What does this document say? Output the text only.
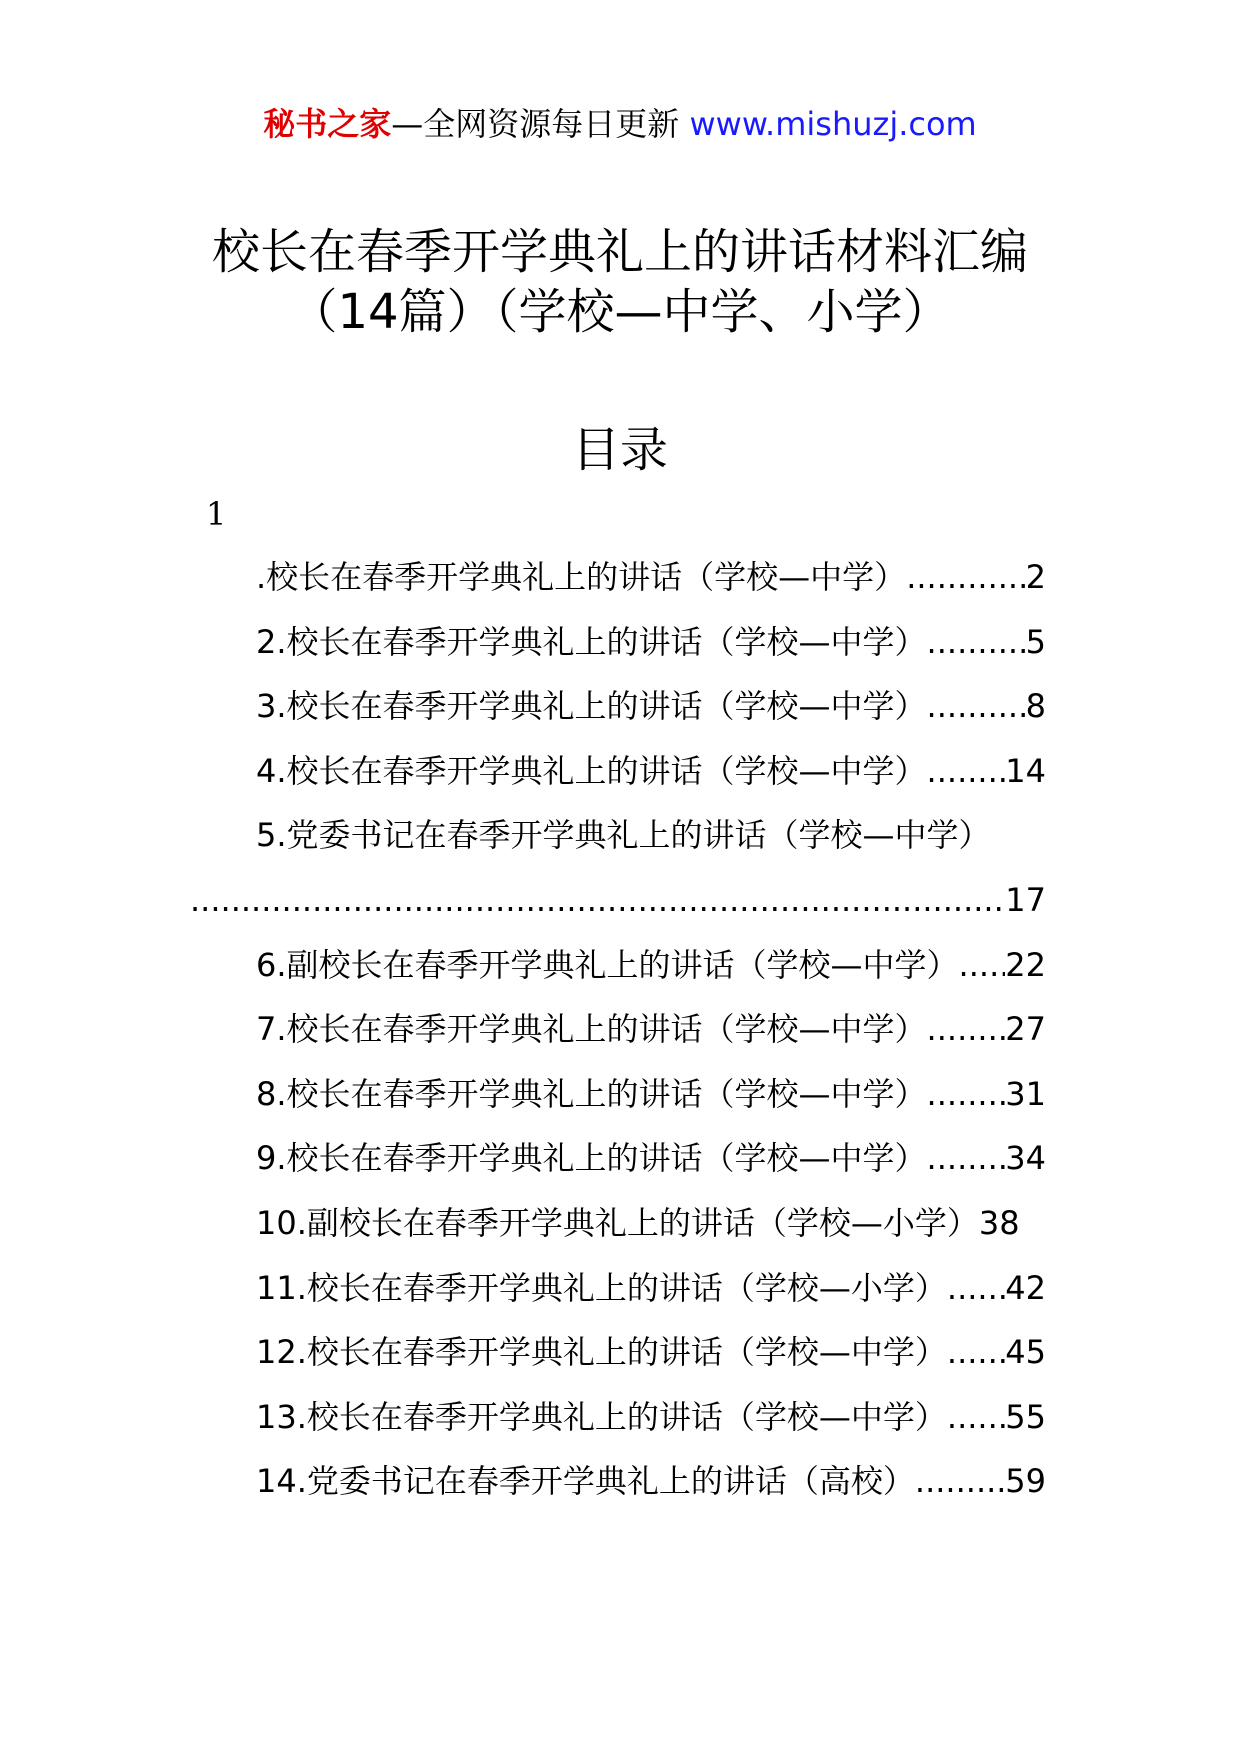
秘书之家—全网资源每日更新 www.mishuzj.com
校长在春季开学典礼上的讲话材料汇编
（14篇）（学校—中学、小学）
目录
1
.校长在春季开学典礼上的讲话（学校—中学） .....	2
2.校长在春季开学典礼上的讲话（学校—中学） .....	5
3.校长在春季开学典礼上的讲话（学校—中学） .....	8
4.校长在春季开学典礼上的讲话（学校—中学） ..... 14
5.党委书记在春季开学典礼上的讲话（学校—中学）
.....
17
6.副校长在春季开学典礼上的讲话（学校—中学） ..... 22
7.校长在春季开学典礼上的讲话（学校—中学） ..... 27
8.校长在春季开学典礼上的讲话（学校—中学） ..... 31
9.校长在春季开学典礼上的讲话（学校—中学） ..... 34
10.副校长在春季开学典礼上的讲话（学校—小学） 38
11.校长在春季开学典礼上的讲话（学校—小学） ..... 42
12.校长在春季开学典礼上的讲话（学校—中学） ..... 45
13.校长在春季开学典礼上的讲话（学校—中学） ..... 55
14.党委书记在春季开学典礼上的讲话（高校） .....	59
